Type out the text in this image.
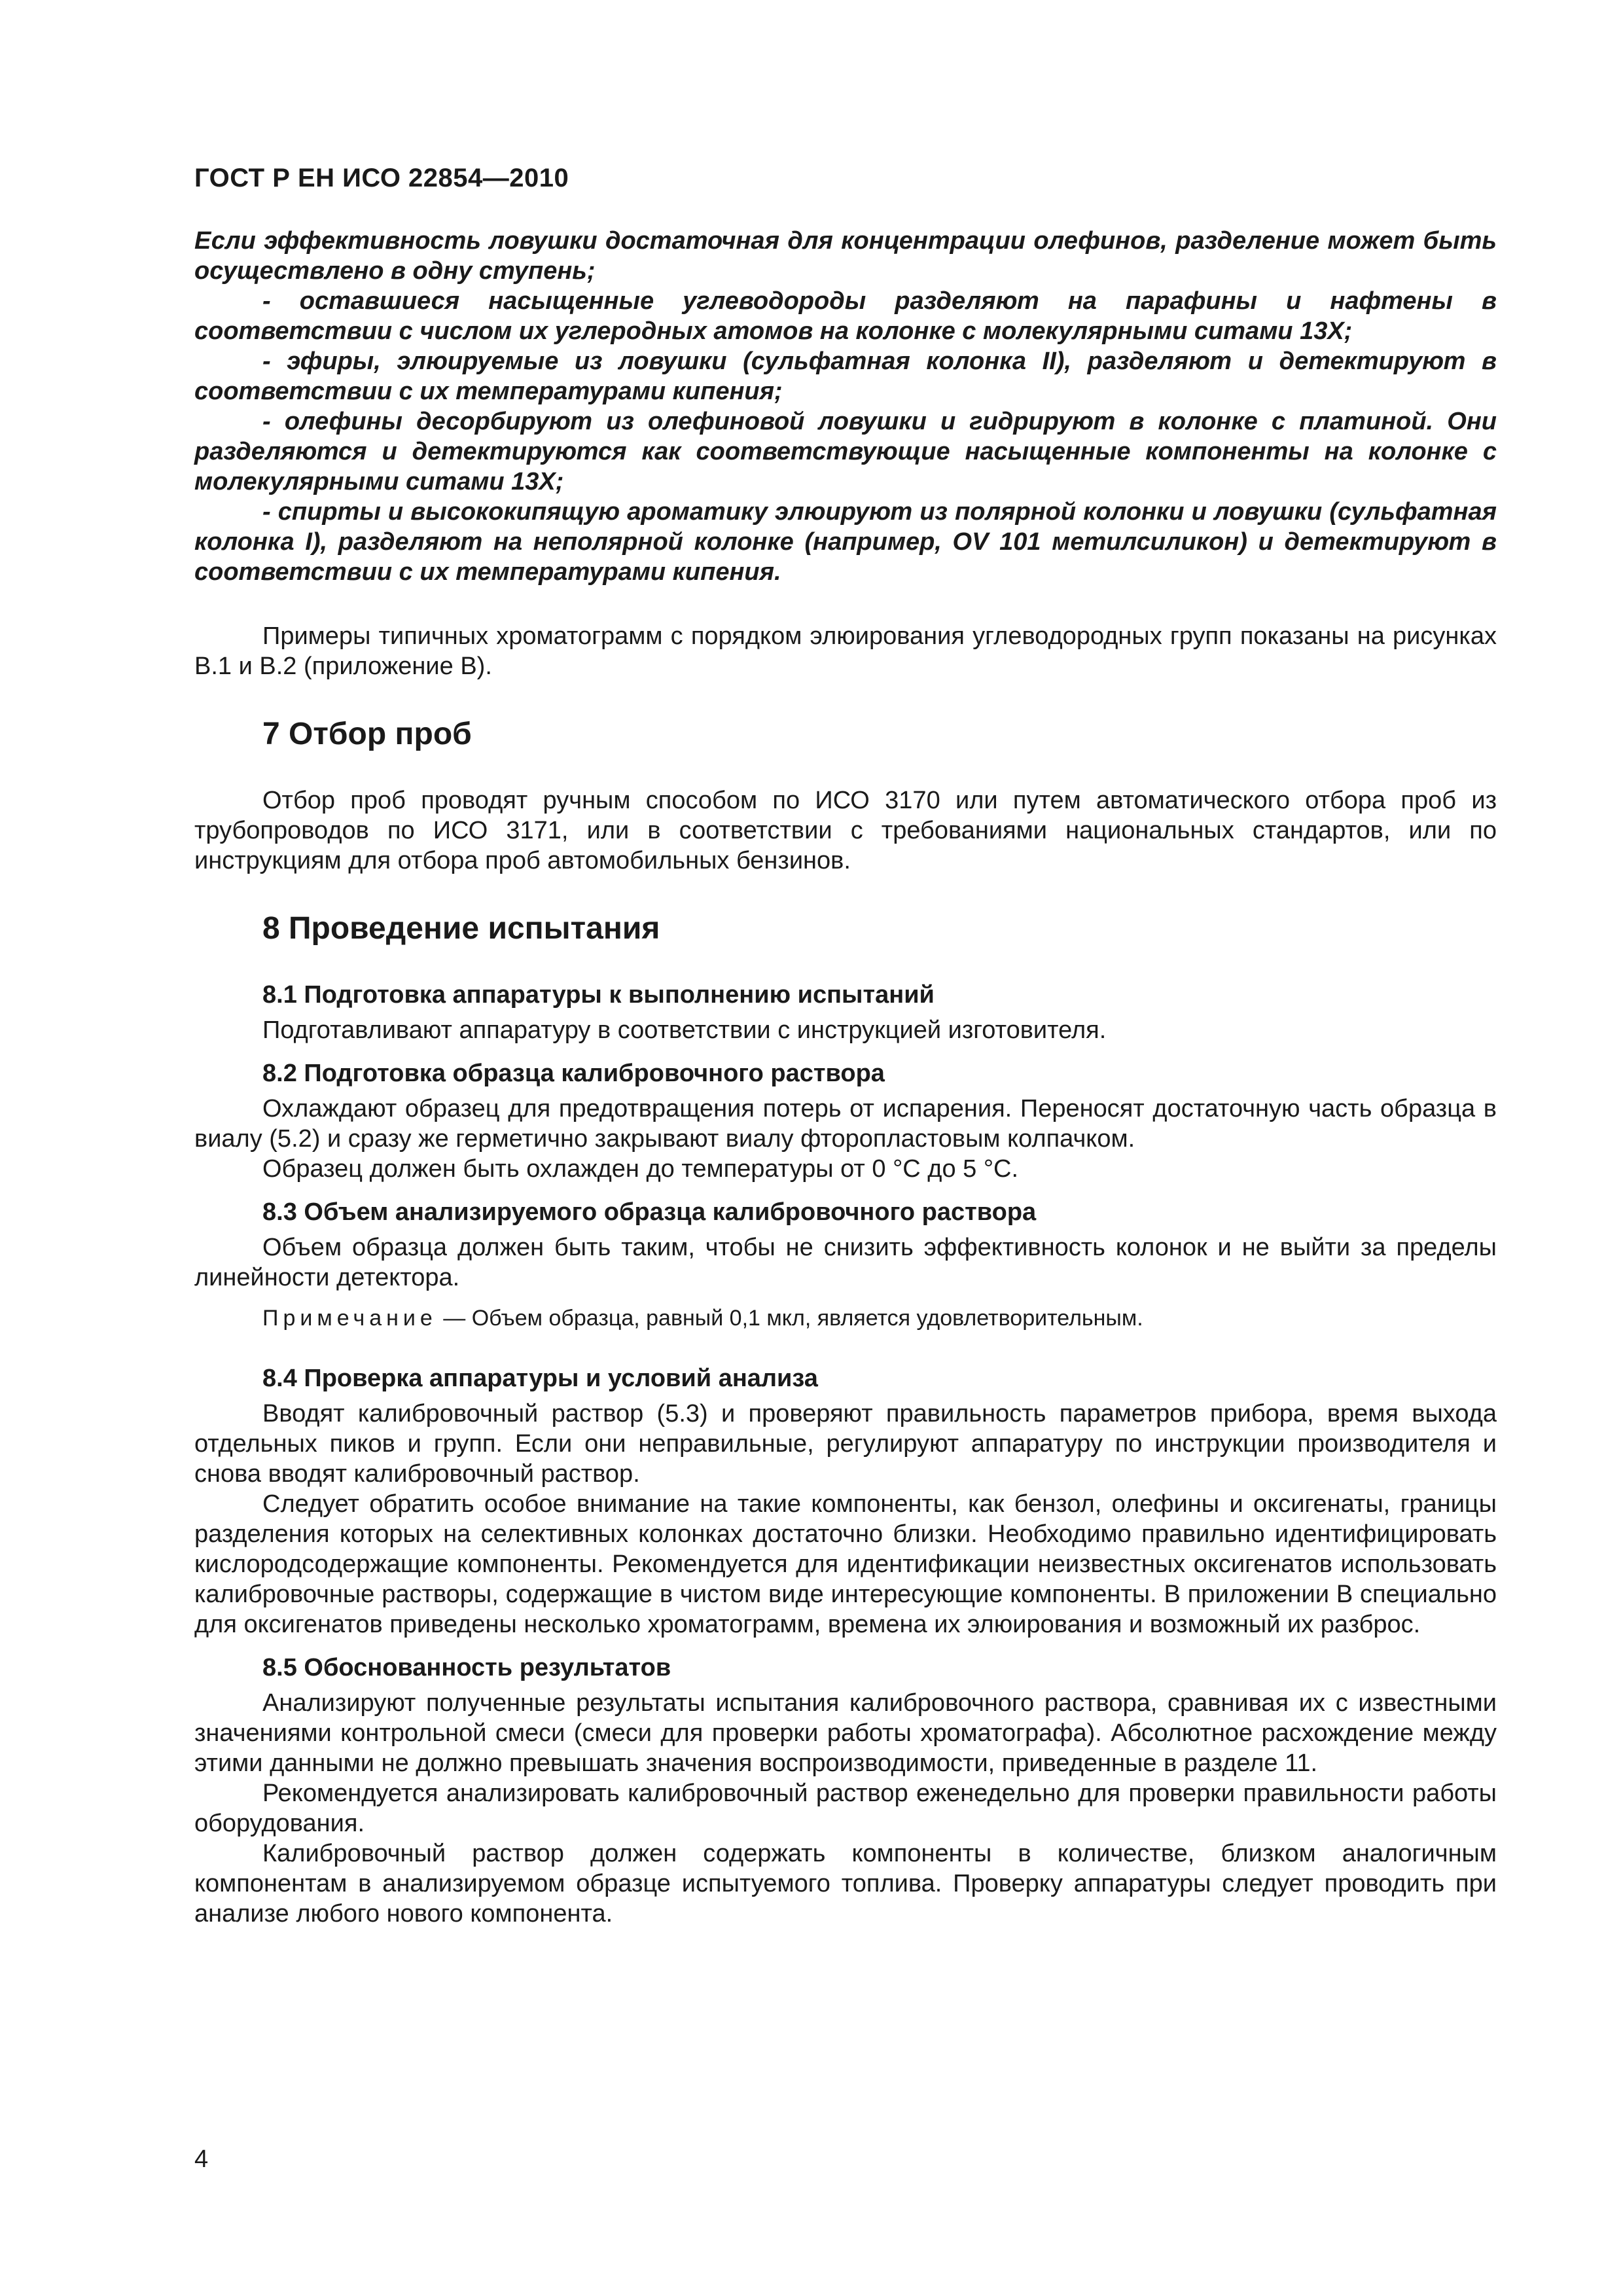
ГОСТ Р ЕН ИСО 22854—2010

Если эффективность ловушки достаточная для концентрации олефинов, разделение может быть осуществлено в одну ступень;

- оставшиеся насыщенные углеводороды разделяют на парафины и нафтены в соответствии с числом их углеродных атомов на колонке с молекулярными ситами 13X;

- эфиры, элюируемые из ловушки (сульфатная колонка II), разделяют и детектируют в соответствии с их температурами кипения;

- олефины десорбируют из олефиновой ловушки и гидрируют в колонке с платиной. Они разделяются и детектируются как соответствующие насыщенные компоненты на колонке с молекулярными ситами 13X;

- спирты и высококипящую ароматику элюируют из полярной колонки и ловушки (сульфатная колонка I), разделяют на неполярной колонке (например, OV 101 метилсиликон) и детектируют в соответствии с их температурами кипения.

Примеры типичных хроматограмм с порядком элюирования углеводородных групп показаны на рисунках B.1 и B.2 (приложение B).

7 Отбор проб

Отбор проб проводят ручным способом по ИСО 3170 или путем автоматического отбора проб из трубопроводов по ИСО 3171, или в соответствии с требованиями национальных стандартов, или по инструкциям для отбора проб автомобильных бензинов.

8 Проведение испытания

8.1 Подготовка аппаратуры к выполнению испытаний

Подготавливают аппаратуру в соответствии с инструкцией изготовителя.

8.2 Подготовка образца калибровочного раствора

Охлаждают образец для предотвращения потерь от испарения. Переносят достаточную часть образца в виалу (5.2) и сразу же герметично закрывают виалу фторопластовым колпачком.

Образец должен быть охлажден до температуры от 0 °С до 5 °С.

8.3 Объем анализируемого образца калибровочного раствора

Объем образца должен быть таким, чтобы не снизить эффективность колонок и не выйти за пределы линейности детектора.

Примечание — Объем образца, равный 0,1 мкл, является удовлетворительным.

8.4 Проверка аппаратуры и условий анализа

Вводят калибровочный раствор (5.3) и проверяют правильность параметров прибора, время выхода отдельных пиков и групп. Если они неправильные, регулируют аппаратуру по инструкции производителя и снова вводят калибровочный раствор.

Следует обратить особое внимание на такие компоненты, как бензол, олефины и оксигенаты, границы разделения которых на селективных колонках достаточно близки. Необходимо правильно идентифицировать кислородсодержащие компоненты. Рекомендуется для идентификации неизвестных оксигенатов использовать калибровочные растворы, содержащие в чистом виде интересующие компоненты. В приложении B специально для оксигенатов приведены несколько хроматограмм, времена их элюирования и возможный их разброс.

8.5 Обоснованность результатов

Анализируют полученные результаты испытания калибровочного раствора, сравнивая их с известными значениями контрольной смеси (смеси для проверки работы хроматографа). Абсолютное расхождение между этими данными не должно превышать значения воспроизводимости, приведенные в разделе 11.

Рекомендуется анализировать калибровочный раствор еженедельно для проверки правильности работы оборудования.

Калибровочный раствор должен содержать компоненты в количестве, близком аналогичным компонентам в анализируемом образце испытуемого топлива. Проверку аппаратуры следует проводить при анализе любого нового компонента.

4
